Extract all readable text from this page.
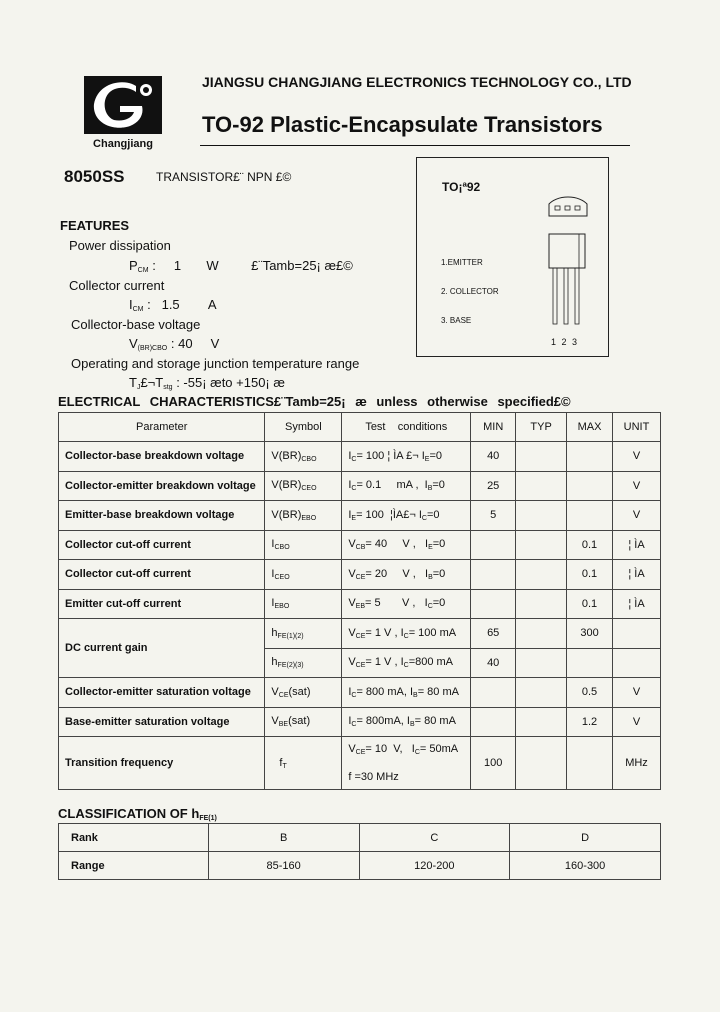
Changjiang
JIANGSU CHANGJIANG ELECTRONICS TECHNOLOGY CO., LTD
TO-92 Plastic-Encapsulate Transistors
8050SS	TRANSISTOR£¨ NPN £©
TO¡ª92
1.EMITTER
2. COLLECTOR
3. BASE
1 2 3
FEATURES
Power dissipation
$P_{CM}$ :     1       W         £¨Tamb=25¡ æ£©
Collector current
$I_{CM}$ :   1.5        A
Collector-base voltage
$V_{(BR)CBO}$ : 40     V
Operating and storage junction temperature range
$T_J£\neg T_{stg}$ : -55¡ æto +150¡ æ
ELECTRICAL CHARACTERISTICS£¨Tamb=25¡ æ unless otherwise specified£©
Parameter	Symbol	Test    conditions	MIN	TYP	MAX	UNIT
Collector-base breakdown voltage	$V(BR)_{CBO}$	$I_C= 100$ ¦ ÌA £¬ $I_E=0$	40			V
Collector-emitter breakdown voltage	$V(BR)_{CEO}$	$I_C= 0.1$     mA ,  $I_B=0$	25			V
Emitter-base breakdown voltage	$V(BR)_{EBO}$	$I_E= 100$  ¦ÌA£¬ $I_C=0$	5			V
Collector cut-off current	$I_{CBO}$	$V_{CB}= 40$     V ,   $I_E=0$			0.1	¦ ÌA
Collector cut-off current	$I_{CEO}$	$V_{CE}= 20$     V ,   $I_B=0$			0.1	¦ ÌA
Emitter cut-off current	$I_{EBO}$	$V_{EB}= 5$       V ,   $I_C=0$			0.1	¦ ÌA
DC current gain	$h_{FE(1)(2)}$	$V_{CE}= 1$ V , $I_C= 100$ mA	65		300	
	$h_{FE(2)(3)}$	$V_{CE}= 1$ V , $I_C=800$ mA	40			
Collector-emitter saturation voltage	$V_{CE}(sat)$	$I_C= 800$ mA, $I_B= 80$ mA			0.5	V
Base-emitter saturation voltage	$V_{BE}(sat)$	$I_C= 800mA$, $I_B= 80$ mA			1.2	V
Transition frequency	$f_T$	$V_{CE}= 10$  V,   $I_C= 50mA$
f =30 MHz	100			MHz
CLASSIFICATION OF $h_{FE(1)}$
Rank	B	C	D
Range	85-160	120-200	160-300
